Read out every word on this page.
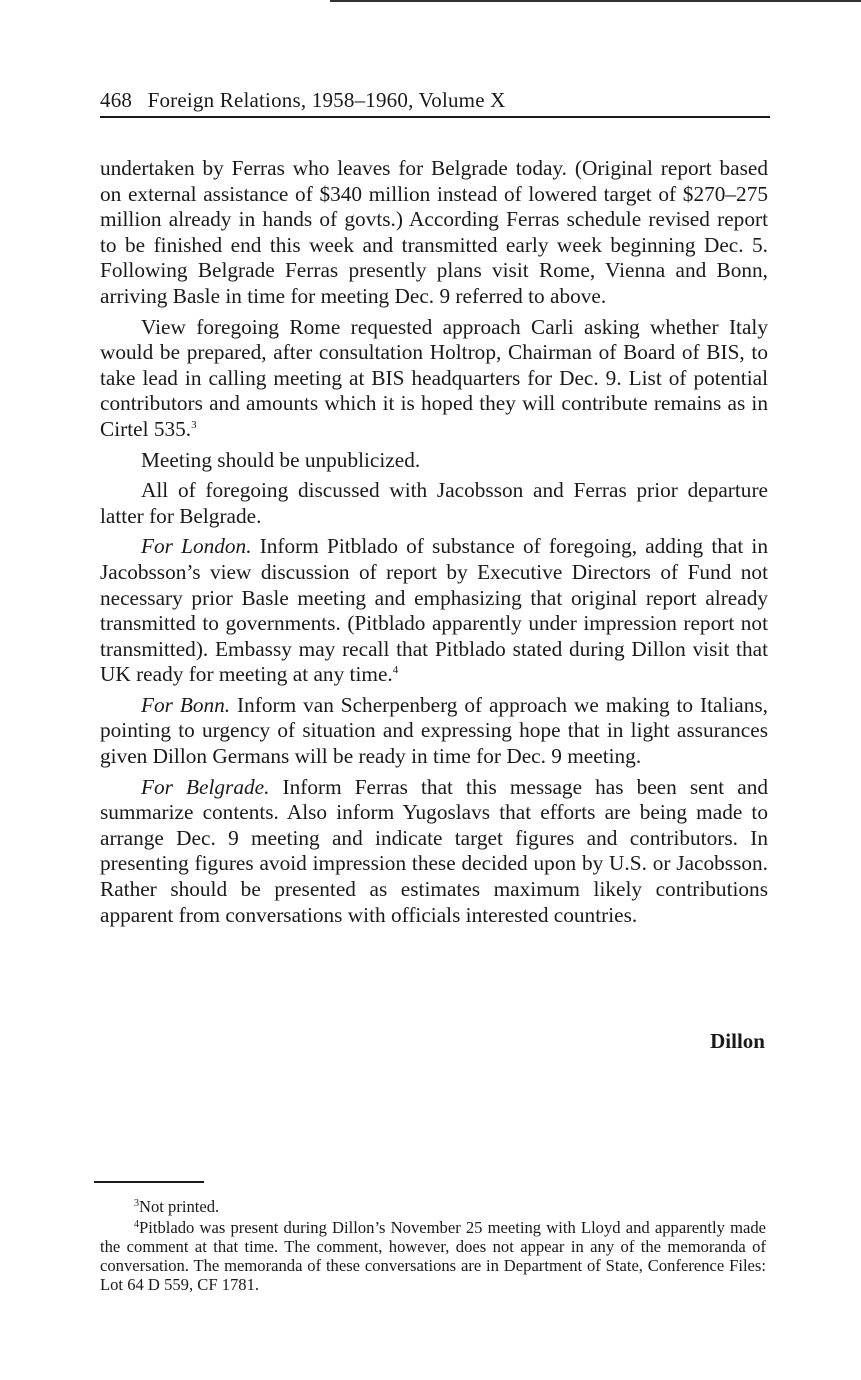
468 Foreign Relations, 1958–1960, Volume X

undertaken by Ferras who leaves for Belgrade today. (Original report based on external assistance of $340 million instead of lowered target of $270–275 million already in hands of govts.) According Ferras schedule revised report to be finished end this week and transmitted early week beginning Dec. 5. Following Belgrade Ferras presently plans visit Rome, Vienna and Bonn, arriving Basle in time for meeting Dec. 9 referred to above.

View foregoing Rome requested approach Carli asking whether Italy would be prepared, after consultation Holtrop, Chairman of Board of BIS, to take lead in calling meeting at BIS headquarters for Dec. 9. List of potential contributors and amounts which it is hoped they will contribute remains as in Cirtel 535.$^3$

Meeting should be unpublicized.

All of foregoing discussed with Jacobsson and Ferras prior departure latter for Belgrade.

For London. Inform Pitblado of substance of foregoing, adding that in Jacobsson’s view discussion of report by Executive Directors of Fund not necessary prior Basle meeting and emphasizing that original report already transmitted to governments. (Pitblado apparently under impression report not transmitted). Embassy may recall that Pitblado stated during Dillon visit that UK ready for meeting at any time.$^4$

For Bonn. Inform van Scherpenberg of approach we making to Italians, pointing to urgency of situation and expressing hope that in light assurances given Dillon Germans will be ready in time for Dec. 9 meeting.

For Belgrade. Inform Ferras that this message has been sent and summarize contents. Also inform Yugoslavs that efforts are being made to arrange Dec. 9 meeting and indicate target figures and contributors. In presenting figures avoid impression these decided upon by U.S. or Jacobsson. Rather should be presented as estimates maximum likely contributions apparent from conversations with officials interested countries.

Dillon

$^3$Not printed.

$^4$Pitblado was present during Dillon’s November 25 meeting with Lloyd and apparently made the comment at that time. The comment, however, does not appear in any of the memoranda of conversation. The memoranda of these conversations are in Department of State, Conference Files: Lot 64 D 559, CF 1781.
